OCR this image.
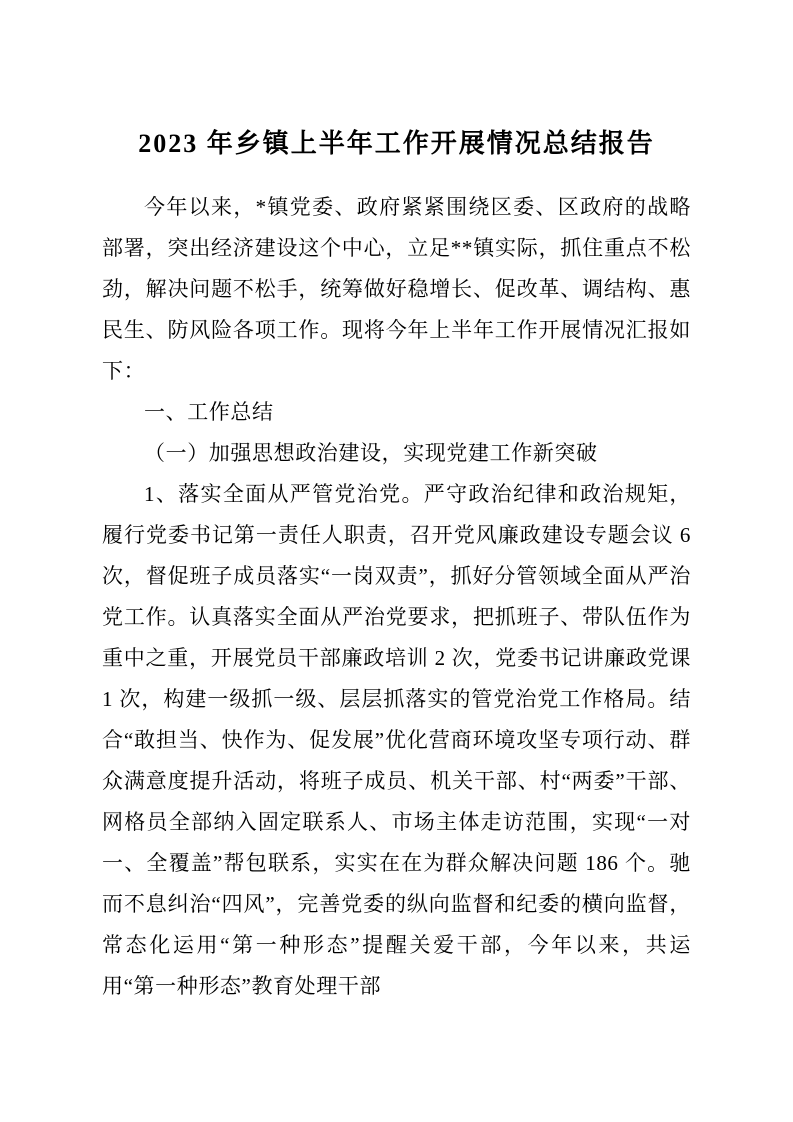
2023 年乡镇上半年工作开展情况总结报告

今年以来，*镇党委、政府紧紧围绕区委、区政府的战略部署，突出经济建设这个中心，立足**镇实际，抓住重点不松劲，解决问题不松手，统筹做好稳增长、促改革、调结构、惠民生、防风险各项工作。现将今年上半年工作开展情况汇报如下：

一、工作总结

（一）加强思想政治建设，实现党建工作新突破

1、落实全面从严管党治党。严守政治纪律和政治规矩，履行党委书记第一责任人职责，召开党风廉政建设专题会议 6 次，督促班子成员落实“一岗双责”，抓好分管领域全面从严治党工作。认真落实全面从严治党要求，把抓班子、带队伍作为重中之重，开展党员干部廉政培训 2 次，党委书记讲廉政党课 1 次，构建一级抓一级、层层抓落实的管党治党工作格局。结合“敢担当、快作为、促发展”优化营商环境攻坚专项行动、群众满意度提升活动，将班子成员、机关干部、村“两委”干部、网格员全部纳入固定联系人、市场主体走访范围，实现“一对一、全覆盖”帮包联系，实实在在为群众解决问题 186 个。驰而不息纠治“四风”，完善党委的纵向监督和纪委的横向监督，常态化运用“第一种形态”提醒关爱干部，今年以来，共运用“第一种形态”教育处理干部
